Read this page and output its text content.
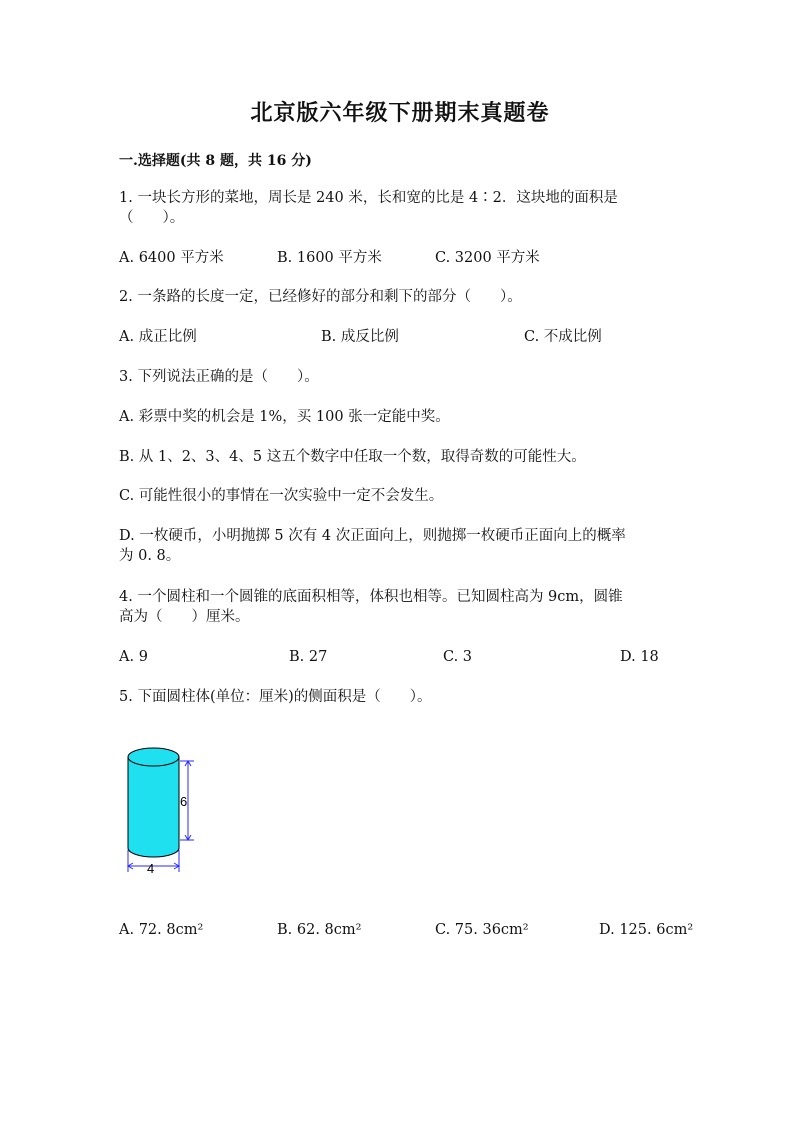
北京版六年级下册期末真题卷
一.选择题(共 8 题，共 16 分)
1. 一块长方形的菜地，周长是 240 米，长和宽的比是 4∶2．这块地的面积是
（　　）。
A. 6400 平方米	B. 1600 平方米	C. 3200 平方米
2. 一条路的长度一定，已经修好的部分和剩下的部分（　　）。
A. 成正比例	B. 成反比例	C. 不成比例
3. 下列说法正确的是（　　）。
A. 彩票中奖的机会是 1%，买 100 张一定能中奖。
B. 从 1、2、3、4、5 这五个数字中任取一个数，取得奇数的可能性大。
C. 可能性很小的事情在一次实验中一定不会发生。
D. 一枚硬币，小明抛掷 5 次有 4 次正面向上，则抛掷一枚硬币正面向上的概率
为 0. 8。
4. 一个圆柱和一个圆锥的底面积相等，体积也相等。已知圆柱高为 9cm，圆锥
高为（　　）厘米。
A. 9	B. 27	C. 3	D. 18
5. 下面圆柱体(单位：厘米)的侧面积是（　　）。
6
4
A. 72. 8cm²	B. 62. 8cm²	C. 75. 36cm²	D. 125. 6cm²
